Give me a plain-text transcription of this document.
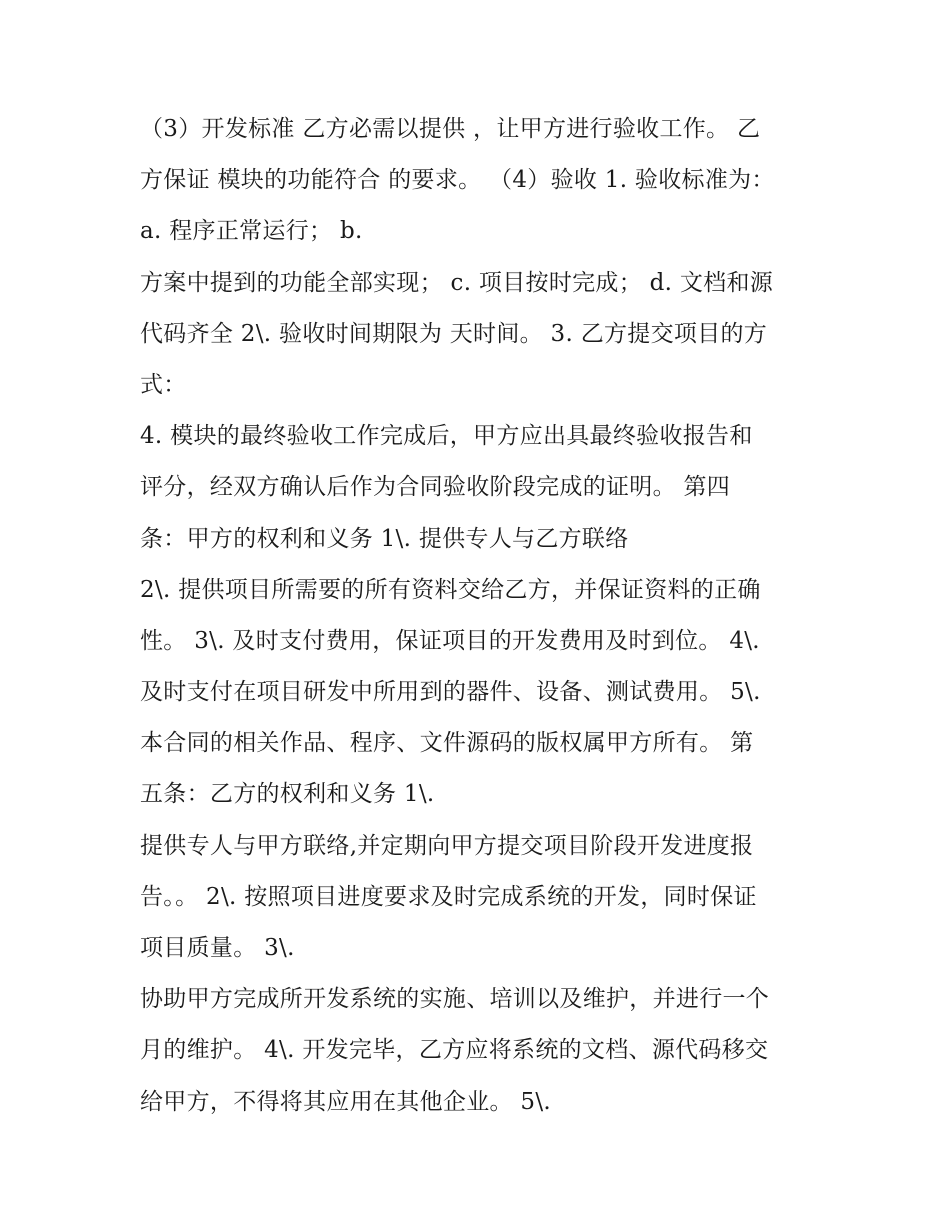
（3）开发标准 乙方必需以提供 ，让甲方进行验收工作。 乙
方保证 模块的功能符合 的要求。 （4）验收 1. 验收标准为：
a. 程序正常运行； b.
方案中提到的功能全部实现； c. 项目按时完成； d. 文档和源
代码齐全 2\. 验收时间期限为 天时间。 3. 乙方提交项目的方
式：
4. 模块的最终验收工作完成后，甲方应出具最终验收报告和
评分，经双方确认后作为合同验收阶段完成的证明。 第四
条：甲方的权利和义务 1\. 提供专人与乙方联络
2\. 提供项目所需要的所有资料交给乙方，并保证资料的正确
性。 3\. 及时支付费用，保证项目的开发费用及时到位。 4\.
及时支付在项目研发中所用到的器件、设备、测试费用。 5\.
本合同的相关作品、程序、文件源码的版权属甲方所有。 第
五条：乙方的权利和义务 1\.
提供专人与甲方联络,并定期向甲方提交项目阶段开发进度报
告。。 2\. 按照项目进度要求及时完成系统的开发，同时保证
项目质量。 3\.
协助甲方完成所开发系统的实施、培训以及维护，并进行一个
月的维护。 4\. 开发完毕，乙方应将系统的文档、源代码移交
给甲方，不得将其应用在其他企业。 5\.
